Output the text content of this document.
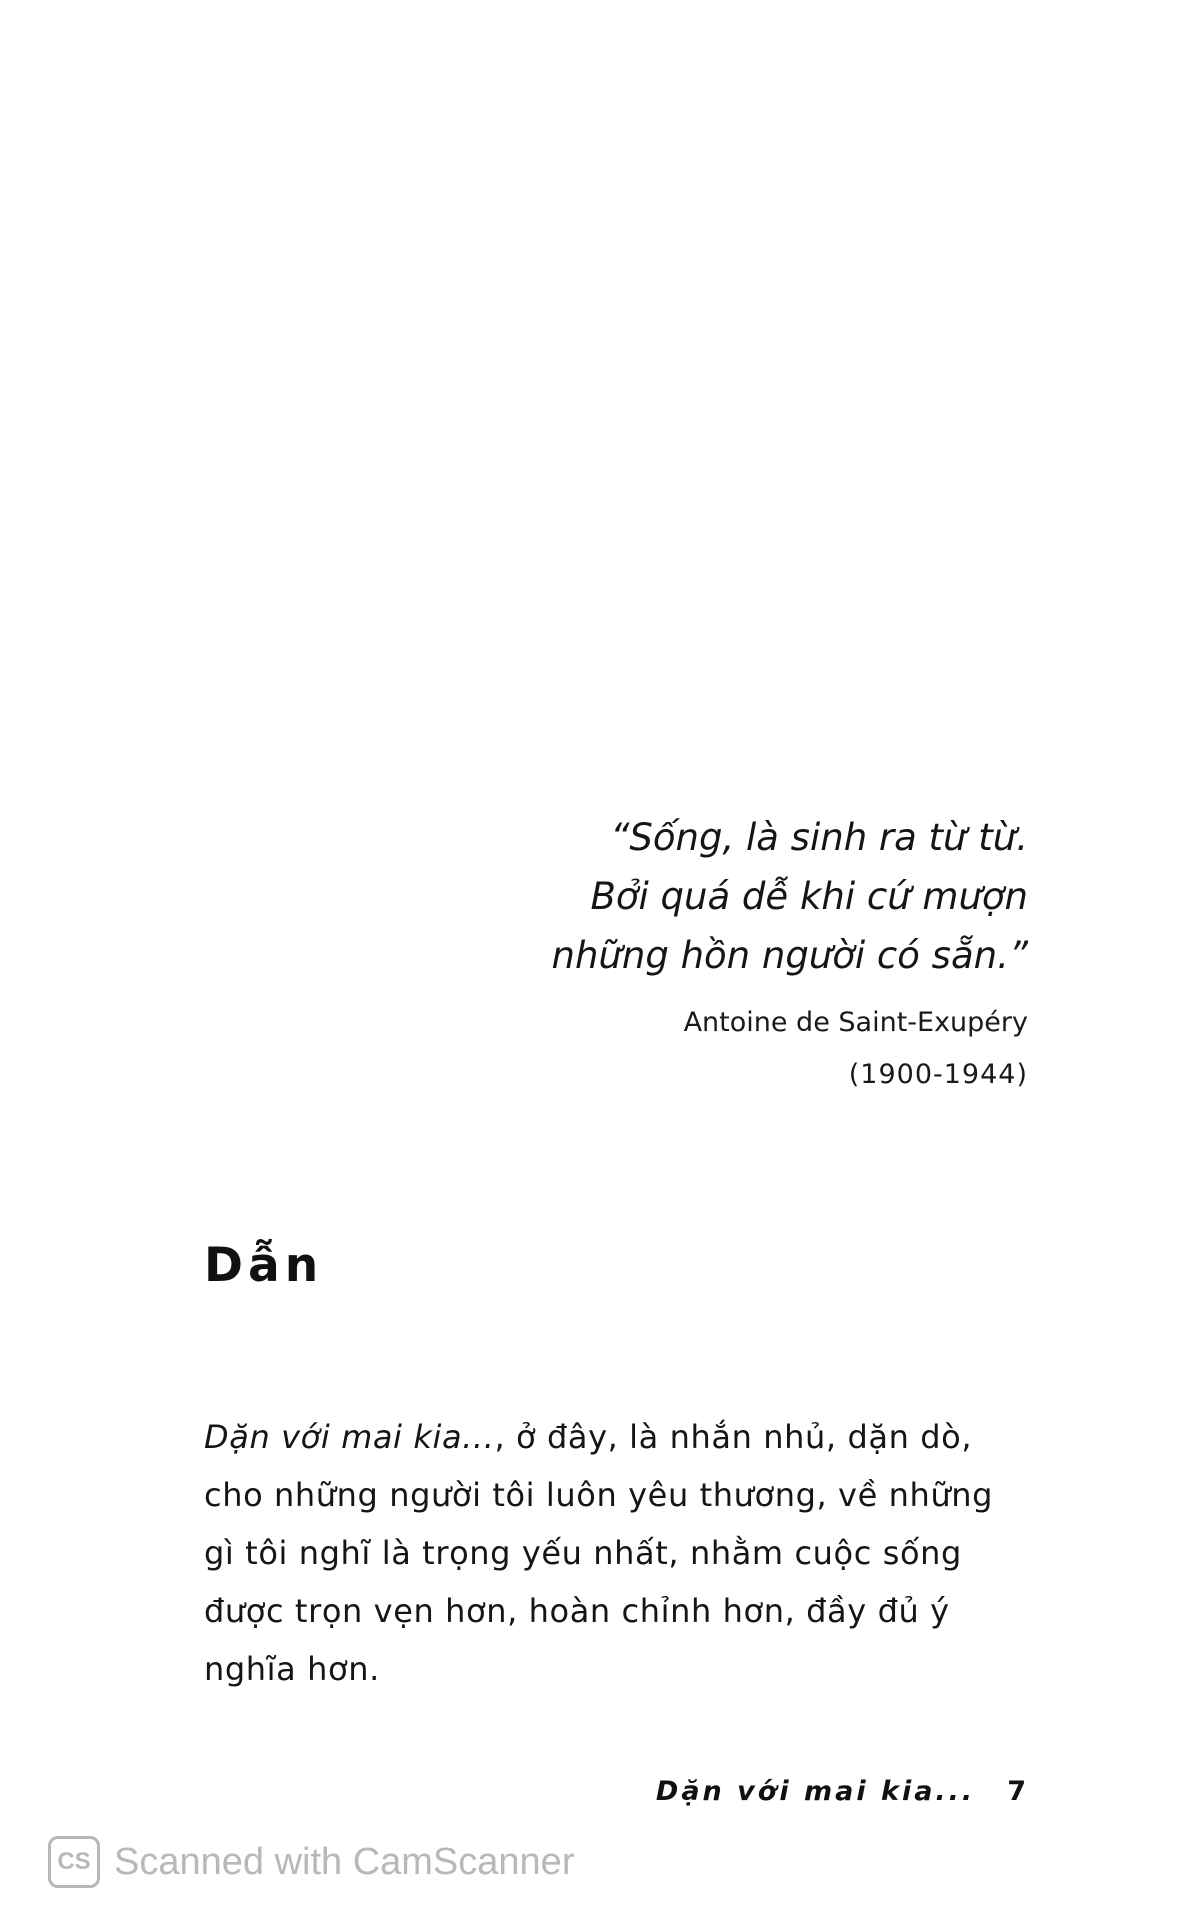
“Sống, là sinh ra từ từ.
Bởi quá dễ khi cứ mượn
những hồn người có sẵn.”
Antoine de Saint-Exupéry
(1900-1944)
Dẫn

Dặn với mai kia..., ở đây, là nhắn nhủ, dặn dò, cho những người tôi luôn yêu thương, về những gì tôi nghĩ là trọng yếu nhất, nhằm cuộc sống được trọn vẹn hơn, hoàn chỉnh hơn, đầy đủ ý nghĩa hơn.

Dặn với mai kia... 7
CS Scanned with CamScanner
